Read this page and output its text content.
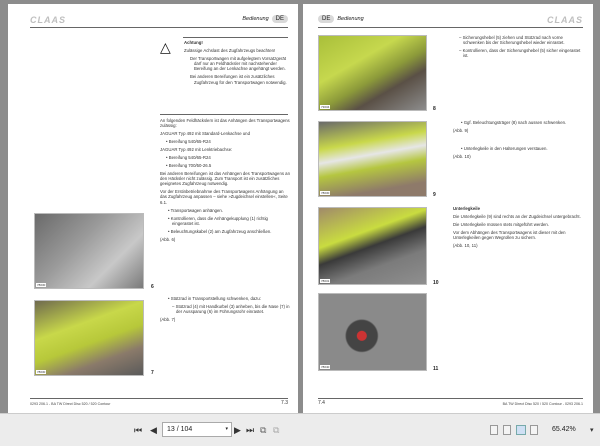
CLAAS	Bedienung	DE
△	Achtung!

Zulässige Achslast des Zugfahrzeugs beachten!

Der Transportwagen mit aufgelegtem Vorsatzgerät darf nur an Feldhäcksler mit nachstehender Bereifung an der Lenkachse angehängt werden.

Bei anderen Bereifungen ist ein zusätzliches Zugfahrzeug für den Transportwagen notwendig.

An folgenden Feldhäckslern ist das Anhängen des Transportwagens zulässig:

JAGUAR Typ 492 mit Standard-Lenkachse und

• Bereifung 540/65-R24

JAGUAR Typ 492 mit Lenktriebachse:

• Bereifung 540/65-R24

• Bereifung 700/50-26.5

Bei anderen Bereifungen ist das Anhängen des Transportwagens an den Häcksler nicht zulässig. Zum Transport ist ein zusätzliches geeignetes Zugfahrzeug notwendig.

Vor der Erstinbetriebnahme des Transportwagens Anhängung an das Zugfahrzeug anpassen – siehe »Zugdeichsel einstellen«, Seite 6.1.

• Transportwagen anhängen.

• Kontrollieren, dass die Anhängekupplung (1) richtig eingerastet ist.

• Beleuchtungskabel (2) am Zugfahrzeug anschließen.

(Abb. 6)

• Stützrad in Transportstellung schwenken, dazu:

– Stützrad (4) mit Handkurbel (3) anheben, bis die Nase (7) in der Aussparung (6) im Führungsrohr einrastet.

(Abb. 7)

78030	6
78030	7
0293 206.1 - BA TW Direct Disc 520 / 520 Contour	7.3
DE	Bedienung	CLAAS
73034	8
78030	9
78031	10
78040	11

– Sicherungshebel (5) ziehen und Stützrad nach vorne schwenken bis der Sicherungshebel wieder einrastet.

– Kontrollieren, dass der Sicherungshebel (5) sicher eingerastet ist.

• Ggf. Beleuchtungsträger (8) nach aussen schwenken.

(Abb. 9)

• Unterlegkeile in den Halterungen verstauen.

(Abb. 10)

Unterlegkeile

Die Unterlegkeile (9) sind rechts an der Zugdeichsel untergebracht.

Die Unterlegkeile müssen stets mitgeführt werden.

Vor dem Abhängen des Transportwagens ist dieser mit den Unterlegkeilen gegen Wegrollen zu sichern.

(Abb. 10, 11)

7.4	BA TW Direct Disc 520 / 520 Contour - 0293 206.1
⏮ ◀	13 / 104	▾ ▶ ⏭ ⧉ ⧉	65.42% ▾
